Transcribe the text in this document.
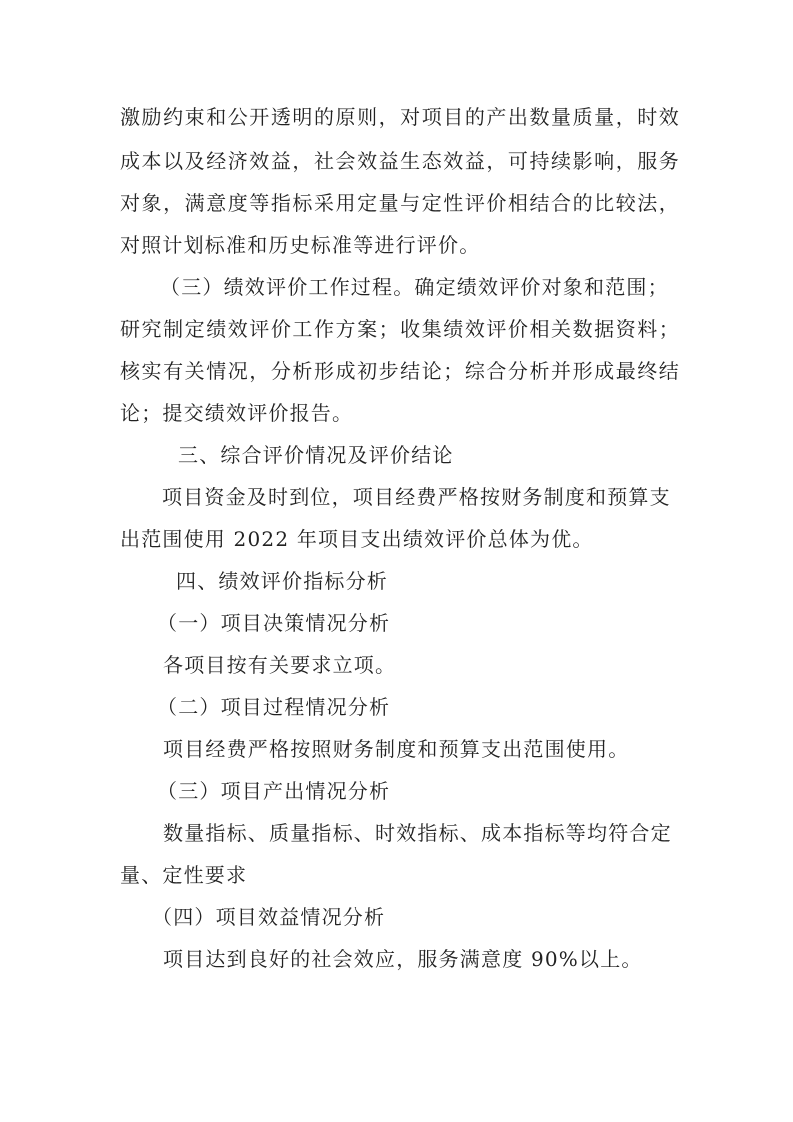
激励约束和公开透明的原则，对项目的产出数量质量，时效

成本以及经济效益，社会效益生态效益，可持续影响，服务

对象，满意度等指标采用定量与定性评价相结合的比较法，

对照计划标准和历史标准等进行评价。

（三）绩效评价工作过程。确定绩效评价对象和范围；

研究制定绩效评价工作方案；收集绩效评价相关数据资料；

核实有关情况，分析形成初步结论；综合分析并形成最终结

论；提交绩效评价报告。

三、综合评价情况及评价结论

项目资金及时到位，项目经费严格按财务制度和预算支

出范围使用 2022 年项目支出绩效评价总体为优。

四、绩效评价指标分析

（一）项目决策情况分析

各项目按有关要求立项。

（二）项目过程情况分析

项目经费严格按照财务制度和预算支出范围使用。

（三）项目产出情况分析

数量指标、质量指标、时效指标、成本指标等均符合定

量、定性要求

（四）项目效益情况分析

项目达到良好的社会效应，服务满意度 90%以上。
